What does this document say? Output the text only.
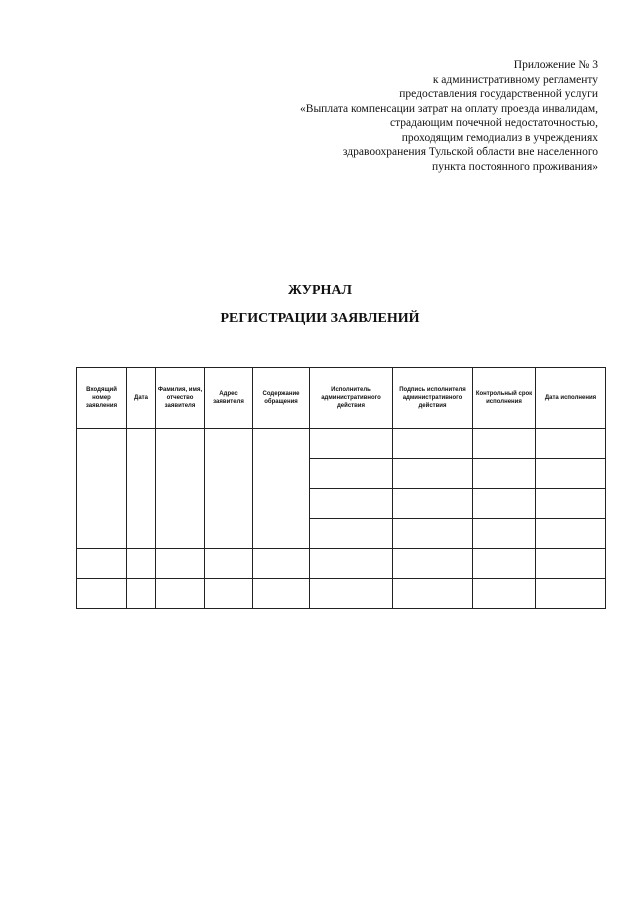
Приложение № 3
к административному регламенту
предоставления государственной услуги
«Выплата компенсации затрат на оплату проезда инвалидам,
страдающим почечной недостаточностью,
проходящим гемодиализ в учреждениях
здравоохранения Тульской области вне населенного
пункта постоянного проживания»
ЖУРНАЛ
РЕГИСТРАЦИИ ЗАЯВЛЕНИЙ
Входящий номер заявления	Дата	Фамилия, имя, отчество заявителя	Адрес заявителя	Содержание обращения	Исполнитель административного действия	Подпись исполнителя административного действия	Контрольный срок исполнения	Дата исполнения
